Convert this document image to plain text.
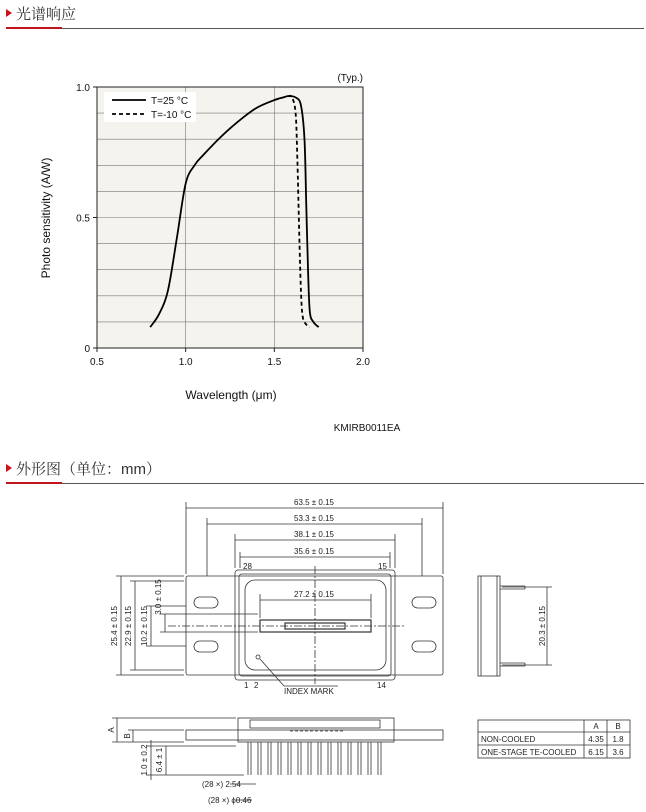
光谱响应
0.5	1.0	1.5	2.0
0
0.5
1.0
T=25 °C
T=-10 °C
(Typ.)
Wavelength (μm)
Photo sensitivity (A/W)
KMIRB0011EA
外形图（单位：mm）
63.5 ± 0.15
53.3 ± 0.15
38.1 ± 0.15
35.6 ± 0.15
27.2 ± 0.15
28	15
1 2	14
INDEX MARK
25.4 ± 0.15 22.9 ± 0.15 10.2 ± 0.15
3.0 ± 0.15
20.3 ± 0.15
A
B
1.0 ± 0.2 6.4 ± 1
(28 ×) 2.54
(28 ×) ϕ0.46
A B
NON-COOLED	4.35 1.8
ONE-STAGE TE-COOLED 6.15 3.6
